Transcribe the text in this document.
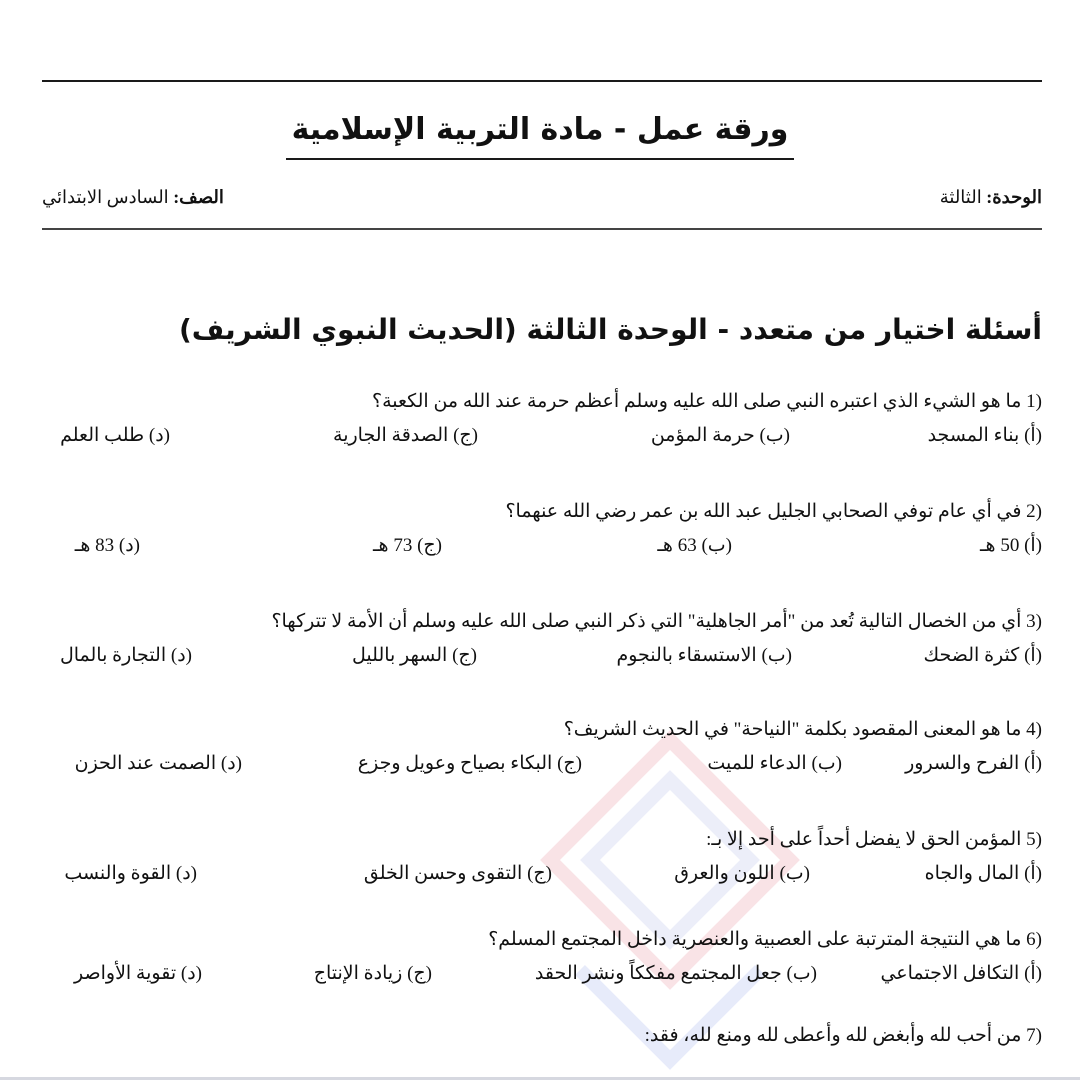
ورقة عمل - مادة التربية الإسلامية
الوحدة: الثالثة
الصف: السادس الابتدائي
أسئلة اختيار من متعدد - الوحدة الثالثة (الحديث النبوي الشريف)
1) ما هو الشيء الذي اعتبره النبي صلى الله عليه وسلم أعظم حرمة عند الله من الكعبة؟
(أ) بناء المسجد
(ب) حرمة المؤمن
(ج) الصدقة الجارية
(د) طلب العلم
2) في أي عام توفي الصحابي الجليل عبد الله بن عمر رضي الله عنهما؟
(أ) 50 هـ
(ب) 63 هـ
(ج) 73 هـ
(د) 83 هـ
3) أي من الخصال التالية تُعد من "أمر الجاهلية" التي ذكر النبي صلى الله عليه وسلم أن الأمة لا تتركها؟
(أ) كثرة الضحك
(ب) الاستسقاء بالنجوم
(ج) السهر بالليل
(د) التجارة بالمال
4) ما هو المعنى المقصود بكلمة "النياحة" في الحديث الشريف؟
(أ) الفرح والسرور
(ب) الدعاء للميت
(ج) البكاء بصياح وعويل وجزع
(د) الصمت عند الحزن
5) المؤمن الحق لا يفضل أحداً على أحد إلا بـ:
(أ) المال والجاه
(ب) اللون والعرق
(ج) التقوى وحسن الخلق
(د) القوة والنسب
6) ما هي النتيجة المترتبة على العصبية والعنصرية داخل المجتمع المسلم؟
(أ) التكافل الاجتماعي
(ب) جعل المجتمع مفككاً ونشر الحقد
(ج) زيادة الإنتاج
(د) تقوية الأواصر
7) من أحب لله وأبغض لله وأعطى لله ومنع لله، فقد:
